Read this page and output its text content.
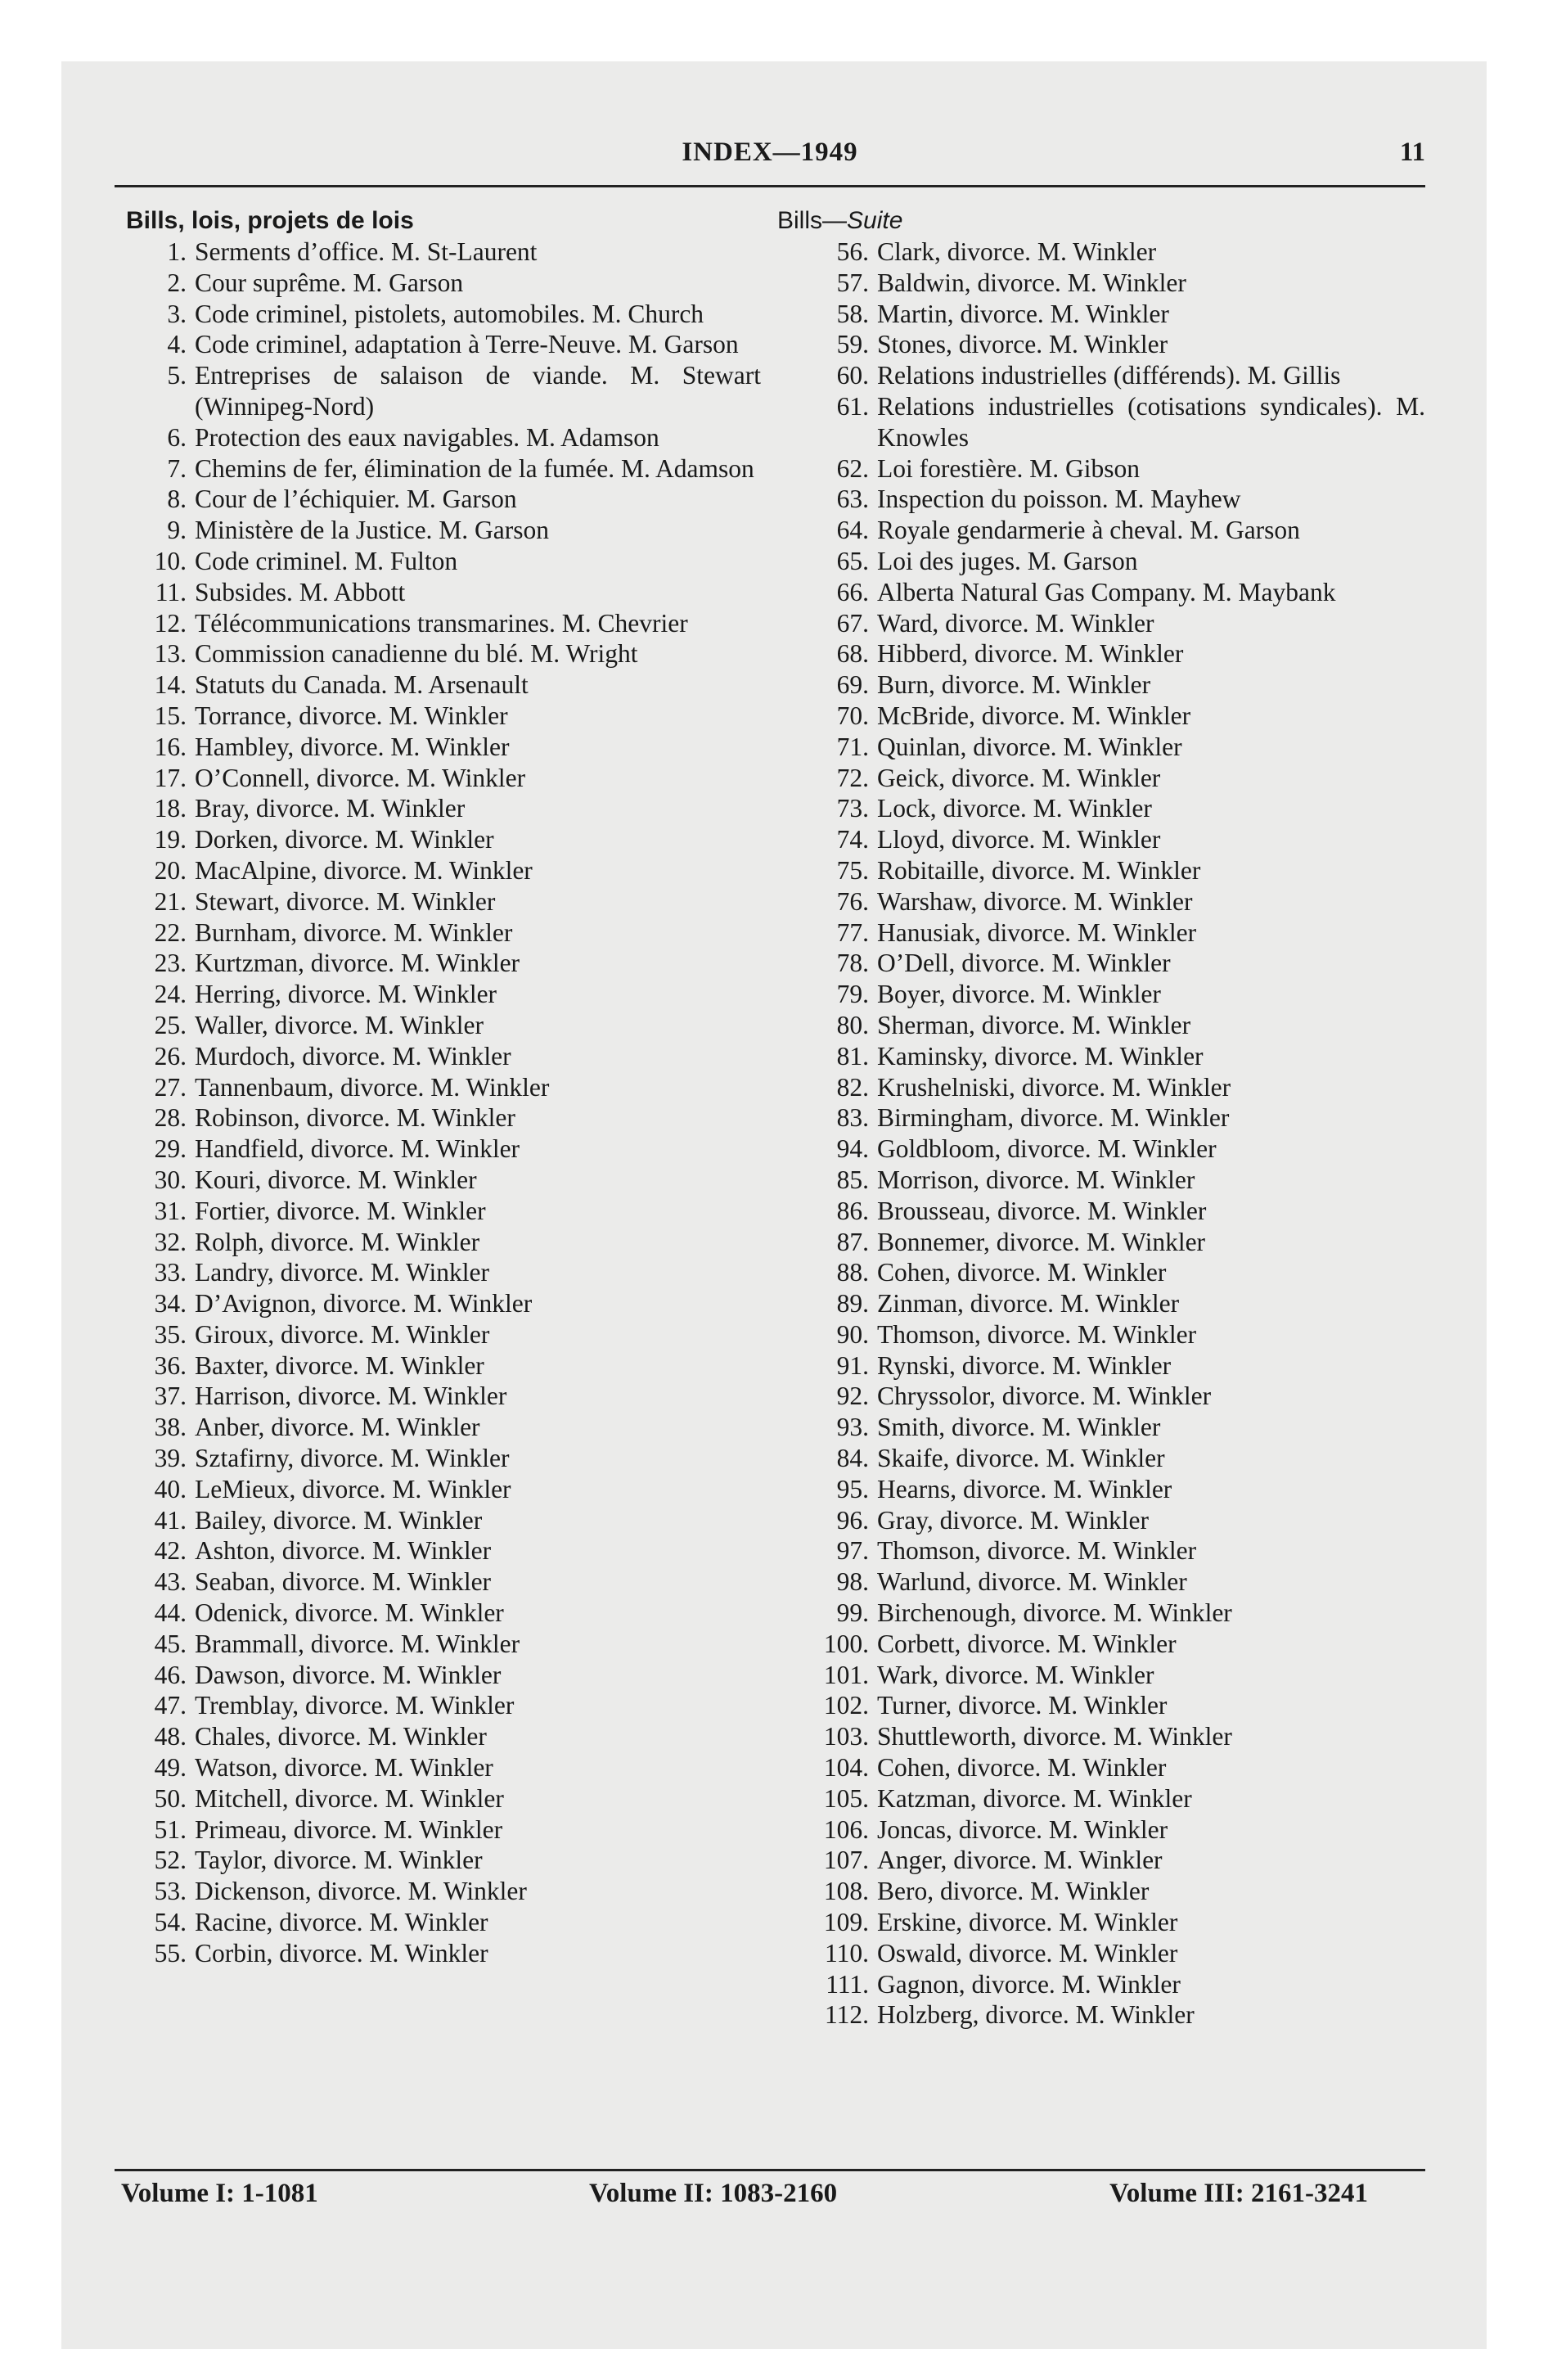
INDEX—1949	11
Bills, lois, projets de lois
1. Serments d’office. M. St-Laurent
2. Cour suprême. M. Garson
3. Code criminel, pistolets, automobiles. M. Church
4. Code criminel, adaptation à Terre-Neuve. M. Garson
5. Entreprises de salaison de viande. M. Stewart (Winnipeg-Nord)
6. Protection des eaux navigables. M. Adamson
7. Chemins de fer, élimination de la fumée. M. Adamson
8. Cour de l’échiquier. M. Garson
9. Ministère de la Justice. M. Garson
10. Code criminel. M. Fulton
11. Subsides. M. Abbott
12. Télécommunications transmarines. M. Chevrier
13. Commission canadienne du blé. M. Wright
14. Statuts du Canada. M. Arsenault
15. Torrance, divorce. M. Winkler
16. Hambley, divorce. M. Winkler
17. O’Connell, divorce. M. Winkler
18. Bray, divorce. M. Winkler
19. Dorken, divorce. M. Winkler
20. MacAlpine, divorce. M. Winkler
21. Stewart, divorce. M. Winkler
22. Burnham, divorce. M. Winkler
23. Kurtzman, divorce. M. Winkler
24. Herring, divorce. M. Winkler
25. Waller, divorce. M. Winkler
26. Murdoch, divorce. M. Winkler
27. Tannenbaum, divorce. M. Winkler
28. Robinson, divorce. M. Winkler
29. Handfield, divorce. M. Winkler
30. Kouri, divorce. M. Winkler
31. Fortier, divorce. M. Winkler
32. Rolph, divorce. M. Winkler
33. Landry, divorce. M. Winkler
34. D’Avignon, divorce. M. Winkler
35. Giroux, divorce. M. Winkler
36. Baxter, divorce. M. Winkler
37. Harrison, divorce. M. Winkler
38. Anber, divorce. M. Winkler
39. Sztafirny, divorce. M. Winkler
40. LeMieux, divorce. M. Winkler
41. Bailey, divorce. M. Winkler
42. Ashton, divorce. M. Winkler
43. Seaban, divorce. M. Winkler
44. Odenick, divorce. M. Winkler
45. Brammall, divorce. M. Winkler
46. Dawson, divorce. M. Winkler
47. Tremblay, divorce. M. Winkler
48. Chales, divorce. M. Winkler
49. Watson, divorce. M. Winkler
50. Mitchell, divorce. M. Winkler
51. Primeau, divorce. M. Winkler
52. Taylor, divorce. M. Winkler
53. Dickenson, divorce. M. Winkler
54. Racine, divorce. M. Winkler
55. Corbin, divorce. M. Winkler
Bills—Suite
56. Clark, divorce. M. Winkler
57. Baldwin, divorce. M. Winkler
58. Martin, divorce. M. Winkler
59. Stones, divorce. M. Winkler
60. Relations industrielles (différends). M. Gillis
61. Relations industrielles (cotisations syndicales). M. Knowles
62. Loi forestière. M. Gibson
63. Inspection du poisson. M. Mayhew
64. Royale gendarmerie à cheval. M. Garson
65. Loi des juges. M. Garson
66. Alberta Natural Gas Company. M. Maybank
67. Ward, divorce. M. Winkler
68. Hibberd, divorce. M. Winkler
69. Burn, divorce. M. Winkler
70. McBride, divorce. M. Winkler
71. Quinlan, divorce. M. Winkler
72. Geick, divorce. M. Winkler
73. Lock, divorce. M. Winkler
74. Lloyd, divorce. M. Winkler
75. Robitaille, divorce. M. Winkler
76. Warshaw, divorce. M. Winkler
77. Hanusiak, divorce. M. Winkler
78. O’Dell, divorce. M. Winkler
79. Boyer, divorce. M. Winkler
80. Sherman, divorce. M. Winkler
81. Kaminsky, divorce. M. Winkler
82. Krushelniski, divorce. M. Winkler
83. Birmingham, divorce. M. Winkler
94. Goldbloom, divorce. M. Winkler
85. Morrison, divorce. M. Winkler
86. Brousseau, divorce. M. Winkler
87. Bonnemer, divorce. M. Winkler
88. Cohen, divorce. M. Winkler
89. Zinman, divorce. M. Winkler
90. Thomson, divorce. M. Winkler
91. Rynski, divorce. M. Winkler
92. Chryssolor, divorce. M. Winkler
93. Smith, divorce. M. Winkler
84. Skaife, divorce. M. Winkler
95. Hearns, divorce. M. Winkler
96. Gray, divorce. M. Winkler
97. Thomson, divorce. M. Winkler
98. Warlund, divorce. M. Winkler
99. Birchenough, divorce. M. Winkler
100. Corbett, divorce. M. Winkler
101. Wark, divorce. M. Winkler
102. Turner, divorce. M. Winkler
103. Shuttleworth, divorce. M. Winkler
104. Cohen, divorce. M. Winkler
105. Katzman, divorce. M. Winkler
106. Joncas, divorce. M. Winkler
107. Anger, divorce. M. Winkler
108. Bero, divorce. M. Winkler
109. Erskine, divorce. M. Winkler
110. Oswald, divorce. M. Winkler
111. Gagnon, divorce. M. Winkler
112. Holzberg, divorce. M. Winkler
Volume I: 1-1081	Volume II: 1083-2160	Volume III: 2161-3241
